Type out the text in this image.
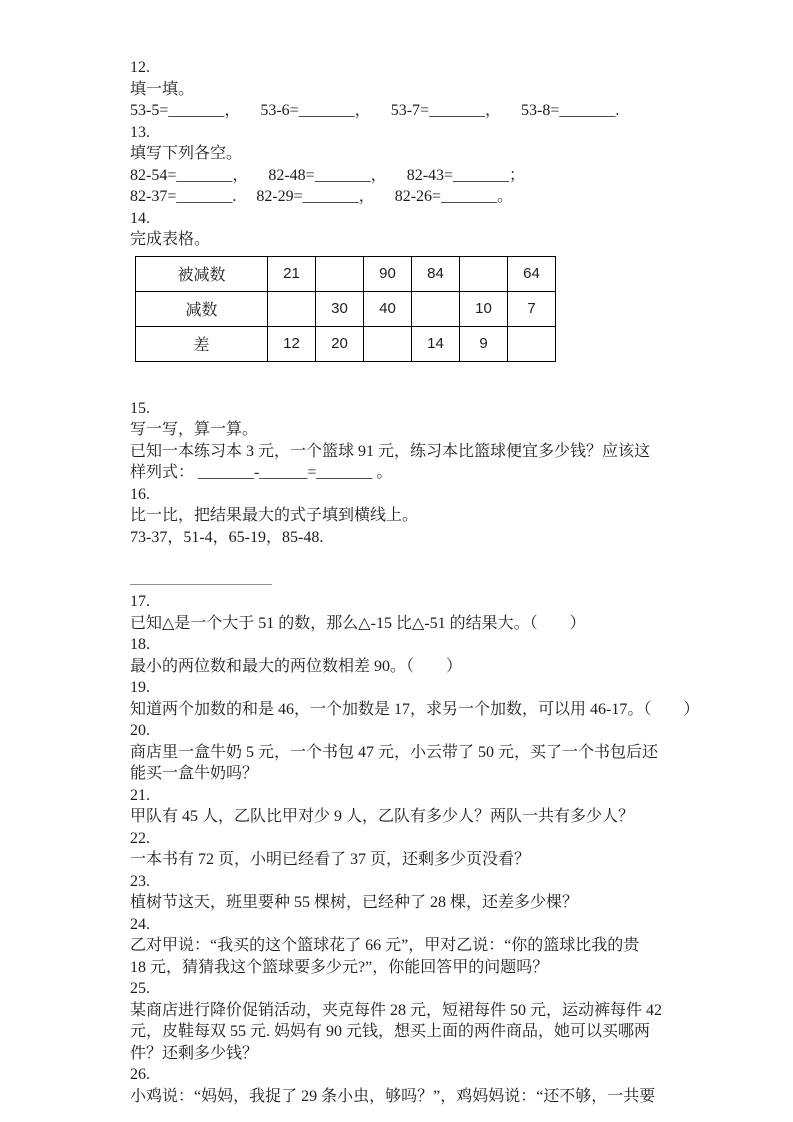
12.
填一填。
53-5=_______，     53-6=_______，     53-7=_______，     53-8=_______.
13.
填写下列各空。
82-54=_______，     82-48=_______，     82-43=_______；
82-37=_______.     82-29=_______，     82-26=_______。
14.
完成表格。
被减数	21		90	84		64
减数		30	40		10	7
差	12	20		14	9	
15.
写一写，算一算。
已知一本练习本 3 元，一个篮球 91 元，练习本比篮球便宜多少钱？应该这
样列式： _______-______=_______ 。
16.
比一比，把结果最大的式子填到横线上。
73-37，51-4，65-19，85-48.
17.
已知△是一个大于 51 的数，那么△-15 比△-51 的结果大。（　　）
18.
最小的两位数和最大的两位数相差 90。（　　）
19.
知道两个加数的和是 46，一个加数是 17，求另一个加数，可以用 46-17。（　　）
20.
商店里一盒牛奶 5 元，一个书包 47 元，小云带了 50 元，买了一个书包后还
能买一盒牛奶吗？
21.
甲队有 45 人，乙队比甲对少 9 人，乙队有多少人？两队一共有多少人？
22.
一本书有 72 页，小明已经看了 37 页，还剩多少页没看？
23.
植树节这天，班里要种 55 棵树，已经种了 28 棵，还差多少棵？
24.
乙对甲说：“我买的这个篮球花了 66 元”，甲对乙说：“你的篮球比我的贵
18 元，猜猜我这个篮球要多少元?”，你能回答甲的问题吗？
25.
某商店进行降价促销活动，夹克每件 28 元，短裙每件 50 元，运动裤每件 42
元，皮鞋每双 55 元. 妈妈有 90 元钱，想买上面的两件商品，她可以买哪两
件？还剩多少钱？
26.
小鸡说：“妈妈，我捉了 29 条小虫，够吗？”，鸡妈妈说：“还不够，一共要
